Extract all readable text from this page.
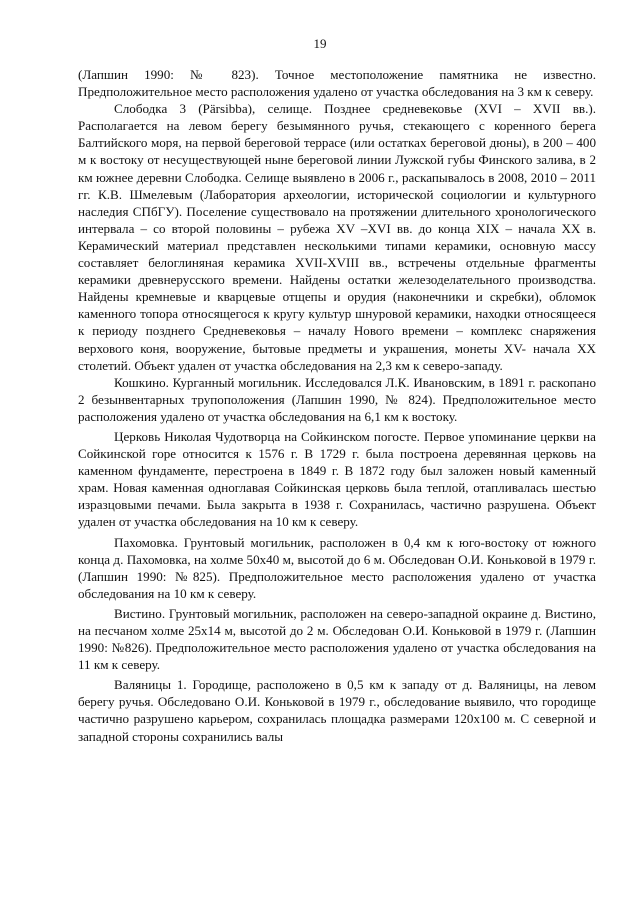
19

(Лапшин 1990: № 823). Точное местоположение памятника не известно. Предположительное место расположения удалено от участка обследования на 3 км к северу.

Слободка 3 (Pärsibba), селище. Позднее средневековье (XVI – XVII вв.). Располагается на левом берегу безымянного ручья, стекающего с коренного берега Балтийского моря, на первой береговой террасе (или остатках береговой дюны), в 200 – 400 м к востоку от несуществующей ныне береговой линии Лужской губы Финского залива, в 2 км южнее деревни Слободка. Селище выявлено в 2006 г., раскапывалось в 2008, 2010 – 2011 гг. К.В. Шмелевым (Лаборатория археологии, исторической социологии и культурного наследия СПбГУ). Поселение существовало на протяжении длительного хронологического интервала – со второй половины – рубежа XV –XVI вв. до конца XIX – начала XX в. Керамический материал представлен несколькими типами керамики, основную массу составляет белоглиняная керамика XVII-XVIII вв., встречены отдельные фрагменты керамики древнерусского времени. Найдены остатки железоделательного производства. Найдены кремневые и кварцевые отщепы и орудия (наконечники и скребки), обломок каменного топора относящегося к кругу культур шнуровой керамики, находки относящееся к периоду позднего Средневековья – началу Нового времени – комплекс снаряжения верхового коня, вооружение, бытовые предметы и украшения, монеты XV- начала XX столетий. Объект удален от участка обследования на 2,3 км к северо-западу.

Кошкино. Курганный могильник. Исследовался Л.К. Ивановским, в 1891 г. раскопано 2 безынвентарных трупоположения (Лапшин 1990, № 824). Предположительное место расположения удалено от участка обследования на 6,1 км к востоку.

Церковь Николая Чудотворца на Сойкинском погосте. Первое упоминание церкви на Сойкинской горе относится к 1576 г. В 1729 г. была построена деревянная церковь на каменном фундаменте, перестроена в 1849 г. В 1872 году был заложен новый каменный храм. Новая каменная одноглавая Сойкинская церковь была теплой, отапливалась шестью изразцовыми печами. Была закрыта в 1938 г. Сохранилась, частично разрушена. Объект удален от участка обследования на 10 км к северу.

Пахомовка. Грунтовый могильник, расположен в 0,4 км к юго-востоку от южного конца д. Пахомовка, на холме 50х40 м, высотой до 6 м. Обследован О.И. Коньковой в 1979 г. (Лапшин 1990: №825). Предположительное место расположения удалено от участка обследования на 10 км к северу.

Вистино. Грунтовый могильник, расположен на северо-западной окраине д. Вистино, на песчаном холме 25х14 м, высотой до 2 м. Обследован О.И. Коньковой в 1979 г. (Лапшин 1990: №826). Предположительное место расположения удалено от участка обследования на 11 км к северу.

Валяницы 1. Городище, расположено в 0,5 км к западу от д. Валяницы, на левом берегу ручья. Обследовано О.И. Коньковой в 1979 г., обследование выявило, что городище частично разрушено карьером, сохранилась площадка размерами 120х100 м. С северной и западной стороны сохранились валы
